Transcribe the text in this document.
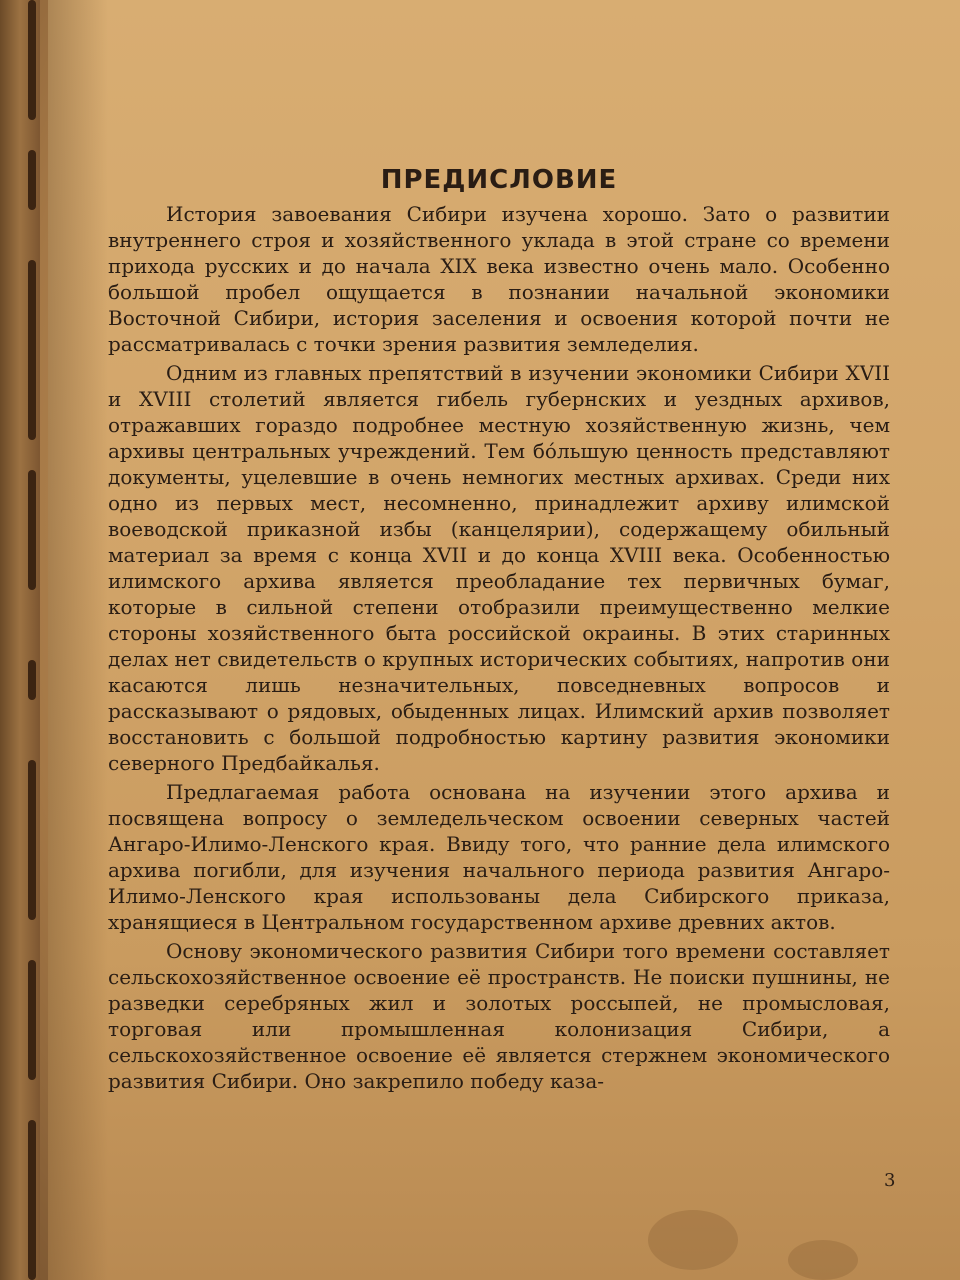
ПРЕДИСЛОВИЕ

История завоевания Сибири изучена хорошо. Зато о развитии внутреннего строя и хозяйственного уклада в этой стране со времени прихода русских и до начала XIX века известно очень мало. Особенно большой пробел ощущается в познании начальной экономики Восточной Сибири, история заселения и освоения которой почти не рассматривалась с точки зрения развития земледелия.

Одним из главных препятствий в изучении экономики Сибири XVII и XVIII столетий является гибель губернских и уездных архивов, отражавших гораздо подробнее местную хозяйственную жизнь, чем архивы центральных учреждений. Тем бо́льшую ценность представляют документы, уцелевшие в очень немногих местных архивах. Среди них одно из первых мест, несомненно, принадлежит архиву илимской воеводской приказной избы (канцелярии), содержащему обильный материал за время с конца XVII и до конца XVIII века. Особенностью илимского архива является преобладание тех первичных бумаг, которые в сильной степени отобразили преимущественно мелкие стороны хозяйственного быта российской окраины. В этих старинных делах нет свидетельств о крупных исторических событиях, напротив они касаются лишь незначительных, повседневных вопросов и рассказывают о рядовых, обыденных лицах. Илимский архив позволяет восстановить с большой подробностью картину развития экономики северного Предбайкалья.

Предлагаемая работа основана на изучении этого архива и посвящена вопросу о земледельческом освоении северных частей Ангаро-Илимо-Ленского края. Ввиду того, что ранние дела илимского архива погибли, для изучения начального периода развития Ангаро-Илимо-Ленского края использованы дела Сибирского приказа, хранящиеся в Центральном государственном архиве древних актов.

Основу экономического развития Сибири того времени составляет сельскохозяйственное освоение её пространств. Не поиски пушнины, не разведки серебряных жил и золотых россыпей, не промысловая, торговая или промышленная колонизация Сибири, а сельскохозяйственное освоение её является стержнем экономического развития Сибири. Оно закрепило победу каза-

3
